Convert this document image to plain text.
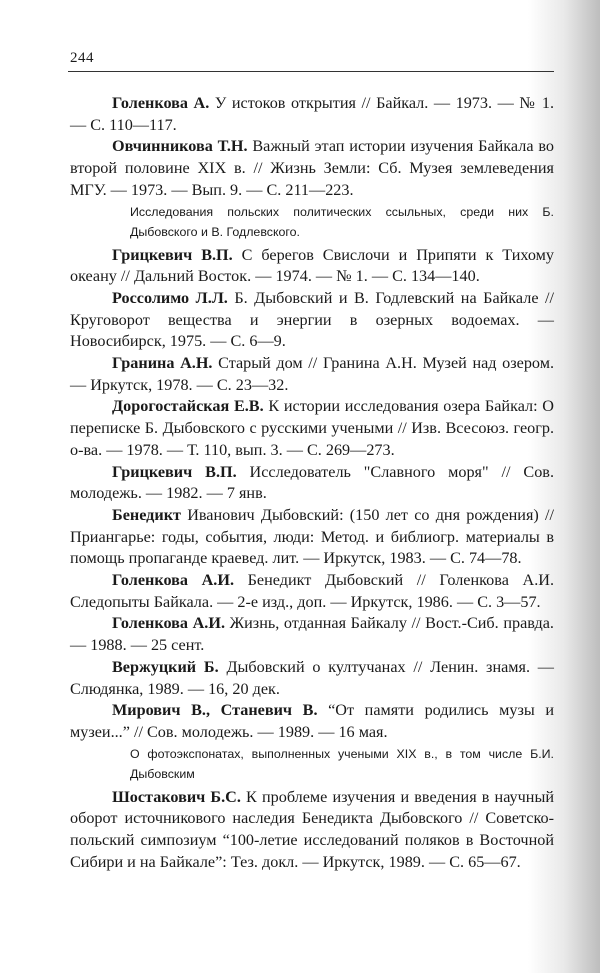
244

Голенкова А. У истоков открытия // Байкал. — 1973. — № 1. — С. 110—117.

Овчинникова Т.Н. Важный этап истории изучения Байкала во второй половине XIX в. // Жизнь Земли: Сб. Музея землеведения МГУ. — 1973. — Вып. 9. — С. 211—223.

Исследования польских политических ссыльных, среди них Б. Дыбовского и В. Годлевского.

Грицкевич В.П. С берегов Свислочи и Припяти к Тихому океану // Дальний Восток. — 1974. — № 1. — С. 134—140.

Россолимо Л.Л. Б. Дыбовский и В. Годлевский на Байкале // Круговорот вещества и энергии в озерных водоемах. — Новосибирск, 1975. — С. 6—9.

Гранина А.Н. Старый дом // Гранина А.Н. Музей над озером. — Иркутск, 1978. — С. 23—32.

Дорогостайская Е.В. К истории исследования озера Байкал: О переписке Б. Дыбовского с русскими учеными // Изв. Всесоюз. геогр. о-ва. — 1978. — Т. 110, вып. 3. — С. 269—273.

Грицкевич В.П. Исследователь "Славного моря" // Сов. молодежь. — 1982. — 7 янв.

Бенедикт Иванович Дыбовский: (150 лет со дня рождения) // Приангарье: годы, события, люди: Метод. и библиогр. материалы в помощь пропаганде краевед. лит. — Иркутск, 1983. — С. 74—78.

Голенкова А.И. Бенедикт Дыбовский // Голенкова А.И. Следопыты Байкала. — 2-е изд., доп. — Иркутск, 1986. — С. 3—57.

Голенкова А.И. Жизнь, отданная Байкалу // Вост.-Сиб. правда. — 1988. — 25 сент.

Вержуцкий Б. Дыбовский о култучанах // Ленин. знамя. — Слюдянка, 1989. — 16, 20 дек.

Мирович В., Станевич В. “От памяти родились музы и музеи...” // Сов. молодежь. — 1989. — 16 мая.

О фотоэкспонатах, выполненных учеными XIX в., в том числе Б.И. Дыбовским

Шостакович Б.С. К проблеме изучения и введения в научный оборот источникового наследия Бенедикта Дыбовского // Советско-польский симпозиум “100-летие исследований поляков в Восточной Сибири и на Байкале”: Тез. докл. — Иркутск, 1989. — С. 65—67.
